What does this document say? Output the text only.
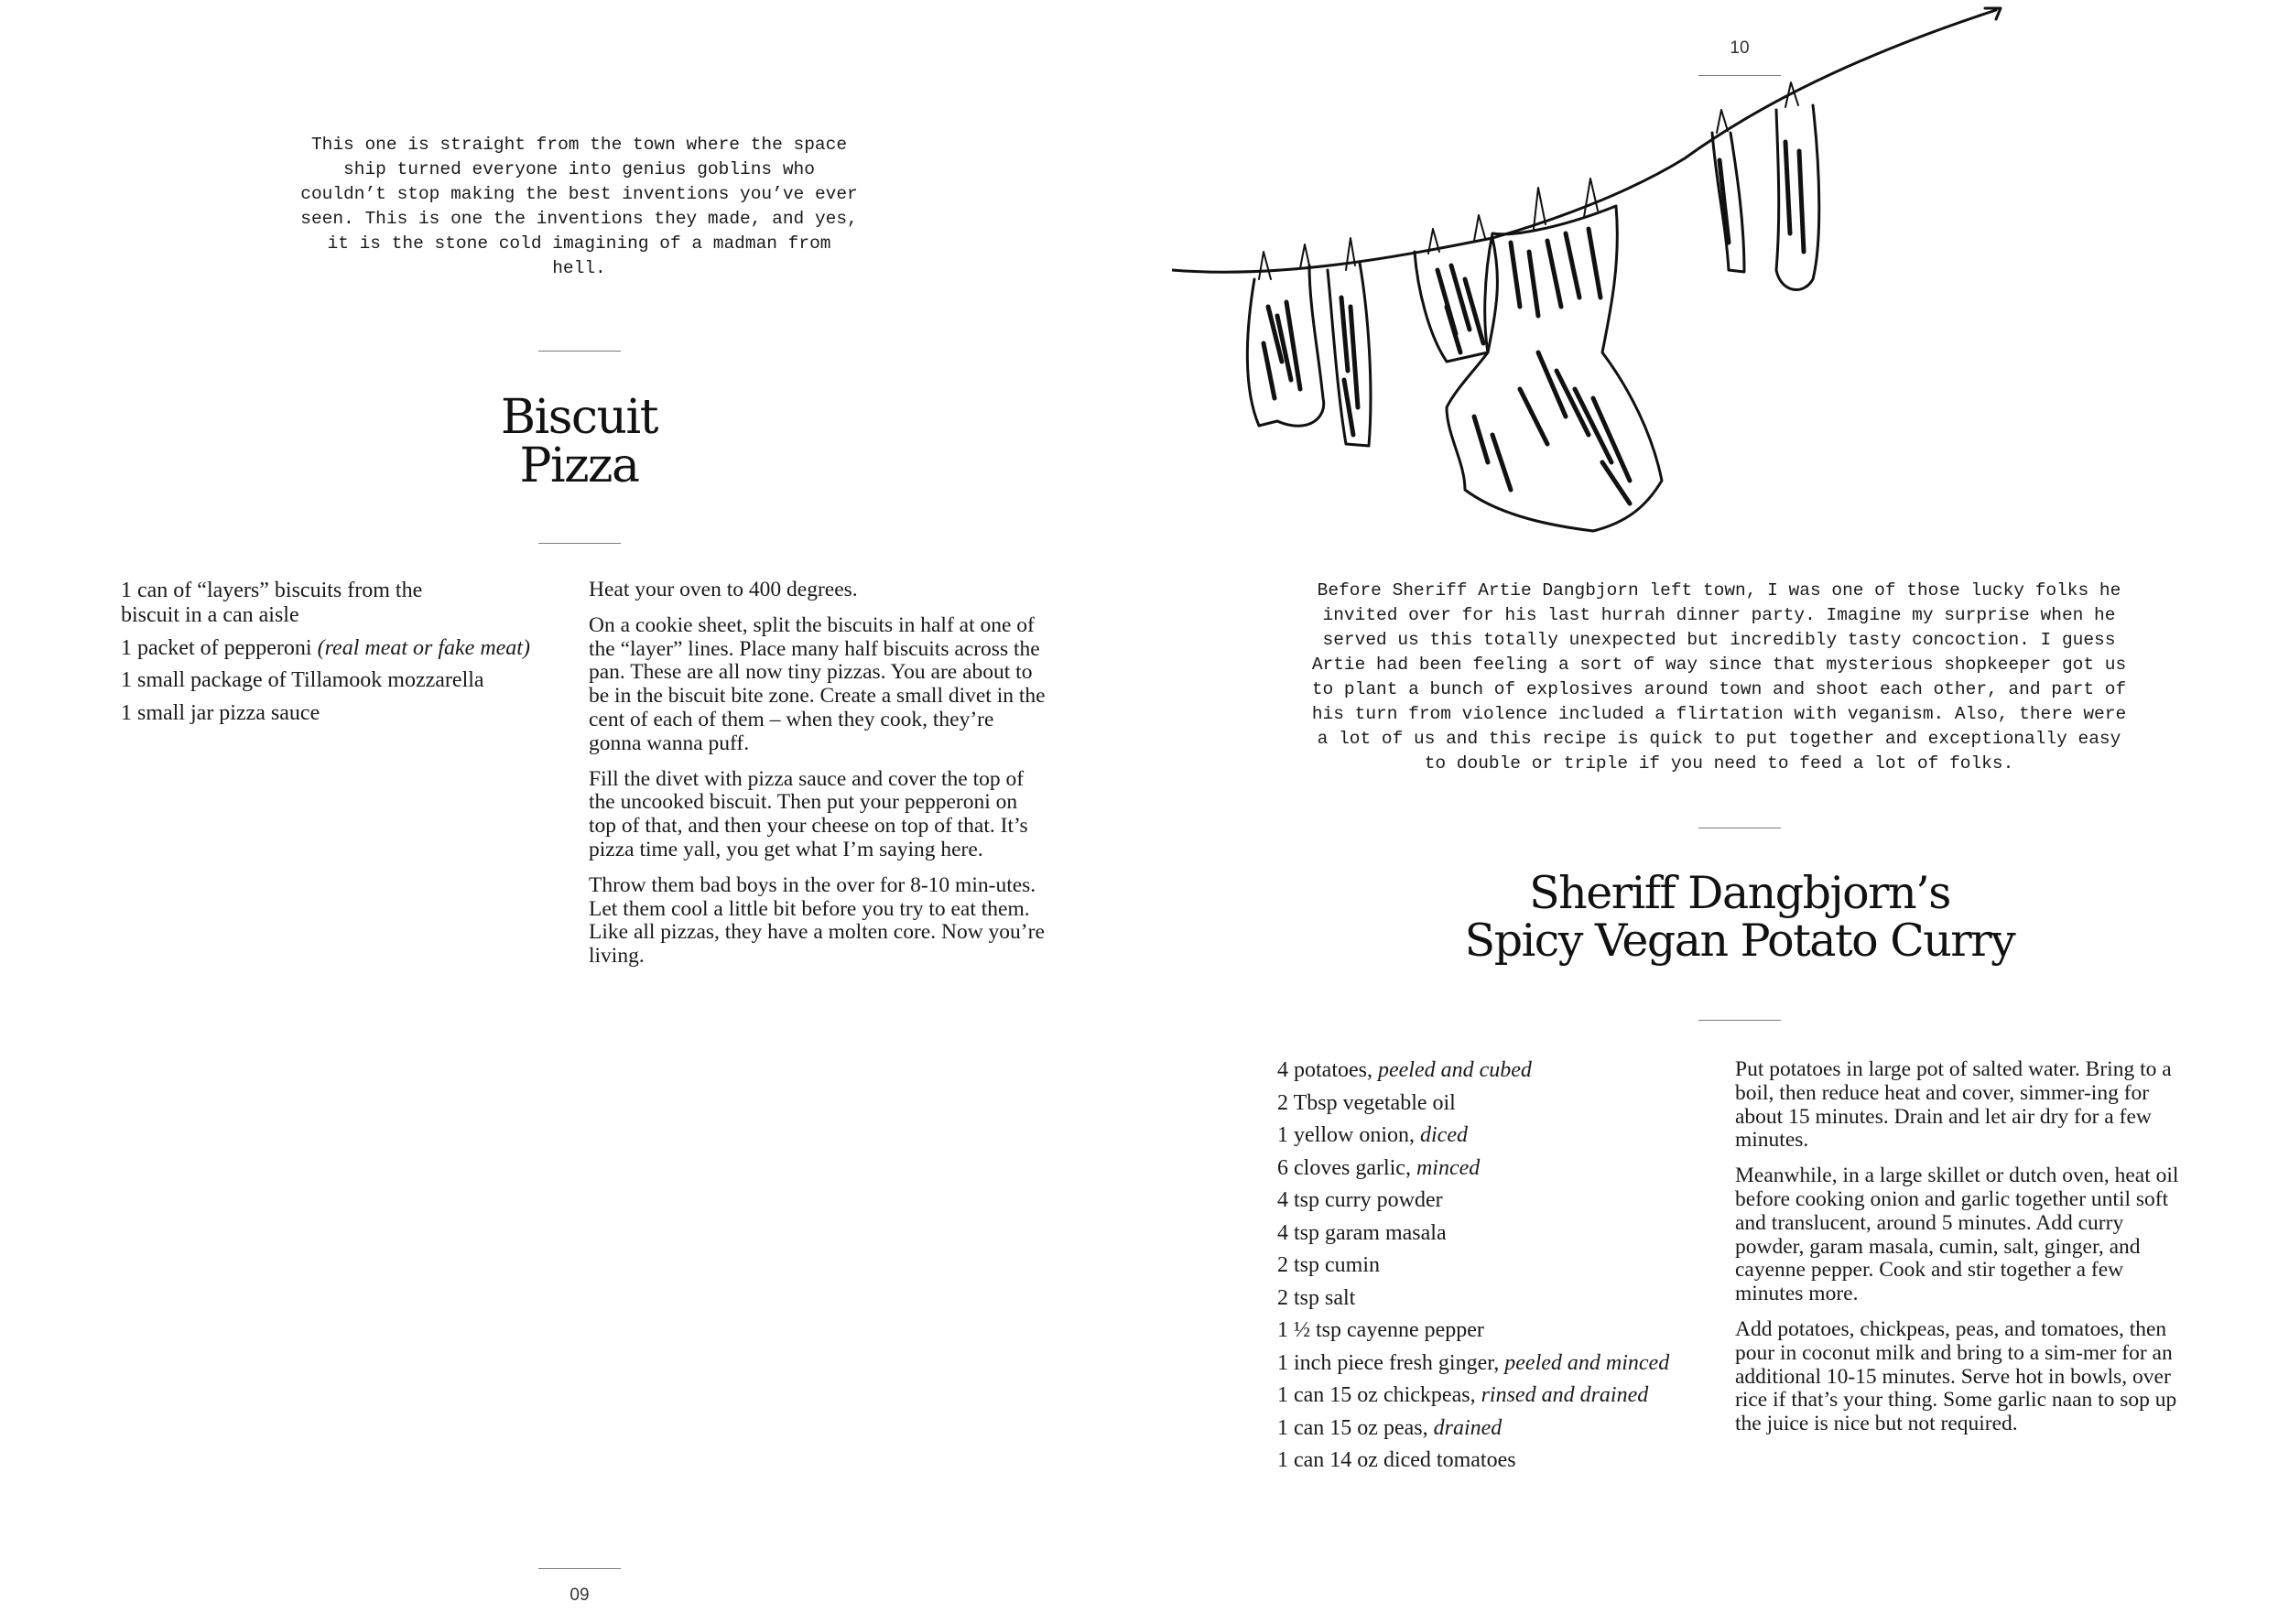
This one is straight from the town where the space ship turned everyone into genius goblins who couldn’t stop making the best inventions you’ve ever seen. This is one the inventions they made, and yes, it is the stone cold imagining of a madman from hell.
Biscuit
Pizza
1 can of “layers” biscuits from the biscuit in a can aisle
1 packet of pepperoni (real meat or fake meat)
1 small package of Tillamook mozzarella
1 small jar pizza sauce

Heat your oven to 400 degrees.

On a cookie sheet, split the biscuits in half at one of the “layer” lines. Place many half biscuits across the pan. These are all now tiny pizzas. You are about to be in the biscuit bite zone. Create a small divet in the cent of each of them – when they cook, they’re gonna wanna puff.

Fill the divet with pizza sauce and cover the top of the uncooked biscuit. Then put your pepperoni on top of that, and then your cheese on top of that. It’s pizza time yall, you get what I’m saying here.

Throw them bad boys in the over for 8-10 min-utes. Let them cool a little bit before you try to eat them. Like all pizzas, they have a molten core. Now you’re living.

09
10
Before Sheriff Artie Dangbjorn left town, I was one of those lucky folks he invited over for his last hurrah dinner party. Imagine my surprise when he served us this totally unexpected but incredibly tasty concoction. I guess Artie had been feeling a sort of way since that mysterious shopkeeper got us to plant a bunch of explosives around town and shoot each other, and part of his turn from violence included a flirtation with veganism. Also, there were a lot of us and this recipe is quick to put together and exceptionally easy to double or triple if you need to feed a lot of folks.
Sheriff Dangbjorn’s
Spicy Vegan Potato Curry
4 potatoes, peeled and cubed
2 Tbsp vegetable oil
1 yellow onion, diced
6 cloves garlic, minced
4 tsp curry powder
4 tsp garam masala
2 tsp cumin
2 tsp salt
1 ½ tsp cayenne pepper
1 inch piece fresh ginger, peeled and minced
1 can 15 oz chickpeas, rinsed and drained
1 can 15 oz peas, drained
1 can 14 oz diced tomatoes

Put potatoes in large pot of salted water. Bring to a boil, then reduce heat and cover, simmer-ing for about 15 minutes. Drain and let air dry for a few minutes.

Meanwhile, in a large skillet or dutch oven, heat oil before cooking onion and garlic together until soft and translucent, around 5 minutes. Add curry powder, garam masala, cumin, salt, ginger, and cayenne pepper. Cook and stir together a few minutes more.

Add potatoes, chickpeas, peas, and tomatoes, then pour in coconut milk and bring to a sim-mer for an additional 10-15 minutes. Serve hot in bowls, over rice if that’s your thing. Some garlic naan to sop up the juice is nice but not required.
